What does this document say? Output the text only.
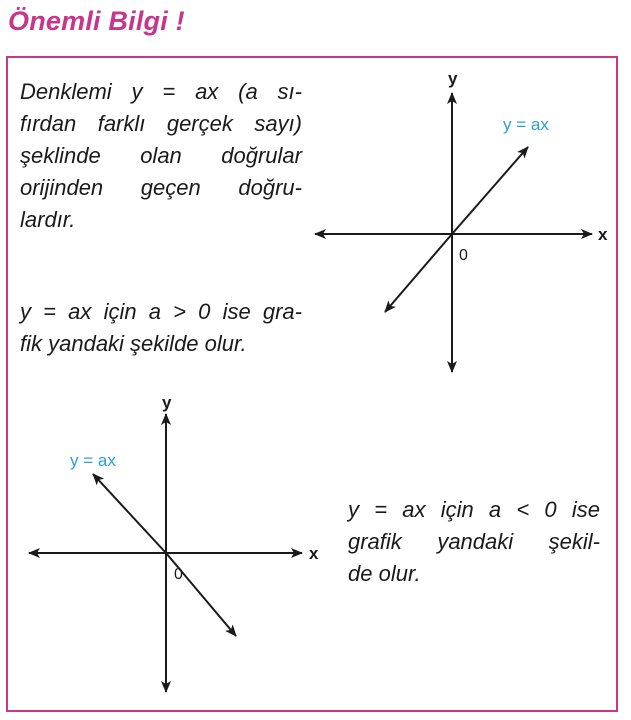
Önemli Bilgi !

Denklemi y = ax (a sı-
fırdan farklı gerçek sayı)
şeklinde olan doğrular
orijinden geçen doğru-
lardır.

y = ax için a > 0 ise gra-
fik yandaki şekilde olur.

y = ax için a < 0 ise
grafik yandaki şekil-
de olur.

x
y
0
y = ax
x
y
0
y = ax
